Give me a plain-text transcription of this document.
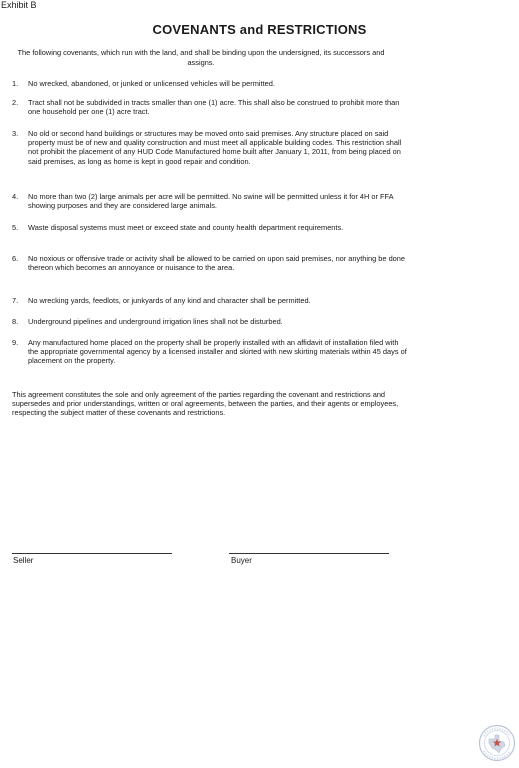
Exhibit B
COVENANTS and RESTRICTIONS
The following covenants, which run with the land, and shall be binding upon the undersigned, its successors and assigns.
1.	No wrecked, abandoned, or junked or unlicensed vehicles will be permitted.
2.	Tract shall not be subdivided in tracts smaller than one (1) acre. This shall also be construed to prohibit more than one household per one (1) acre tract.
3.	No old or second hand buildings or structures may be moved onto said premises. Any structure placed on said property must be of new and quality construction and must meet all applicable building codes. This restriction shall not prohibit the placement of any HUD Code Manufactured home built after January 1, 2011, from being placed on said premises, as long as home is kept in good repair and condition.
4.	No more than two (2) large animals per acre will be permitted. No swine will be permitted unless it for 4H or FFA showing purposes and they are considered large animals.
5.	Waste disposal systems must meet or exceed state and county health department requirements.
6.	No noxious or offensive trade or activity shall be allowed to be carried on upon said premises, nor anything be done thereon which becomes an annoyance or nuisance to the area.
7.	No wrecking yards, feedlots, or junkyards of any kind and character shall be permitted.
8.	Underground pipelines and underground irrigation lines shall not be disturbed.
9.	Any manufactured home placed on the property shall be properly installed with an affidavit of installation filed with the appropriate governmental agency by a licensed installer and skirted with new skirting materials within 45 days of placement on the property.
This agreement constitutes the sole and only agreement of the parties regarding the covenant and restrictions and supersedes and prior understandings, written or oral agreements, between the parties, and their agents or employees, respecting the subject matter of these covenants and restrictions.
Seller	Buyer
